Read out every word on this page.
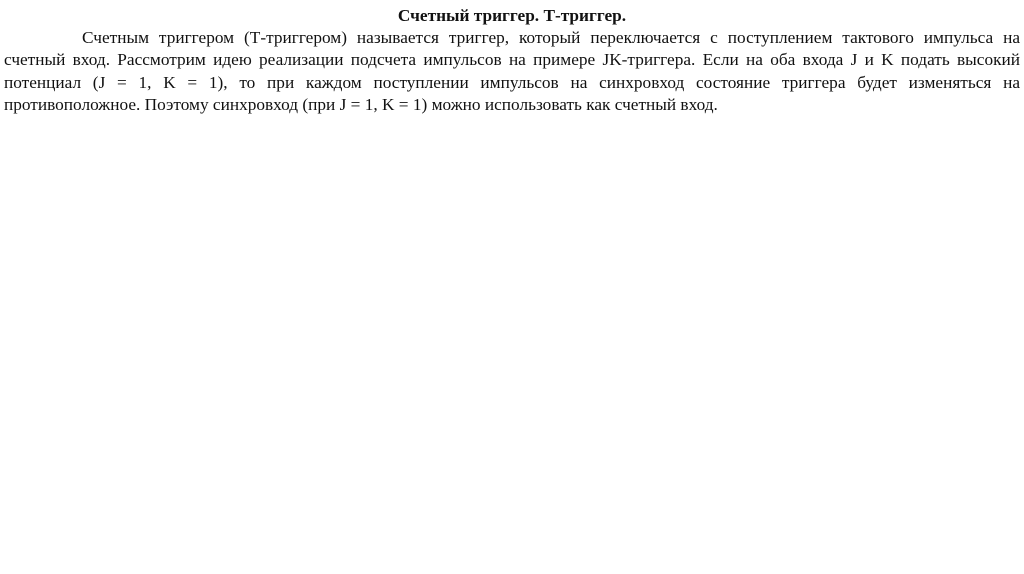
Счетный триггер. Т-триггер.

Счетным триггером (Т-триггером) называется триггер, который переключается с поступлением тактового импульса на счетный вход. Рассмотрим идею реализации подсчета импульсов на примере JK-триггера. Если на оба входа J и K подать высокий потенциал (J = 1, K = 1), то при каждом поступлении импульсов на синхровход состояние триггера будет изменяться на противоположное. Поэтому синхровход (при J = 1, K = 1) можно использовать как счетный вход.
